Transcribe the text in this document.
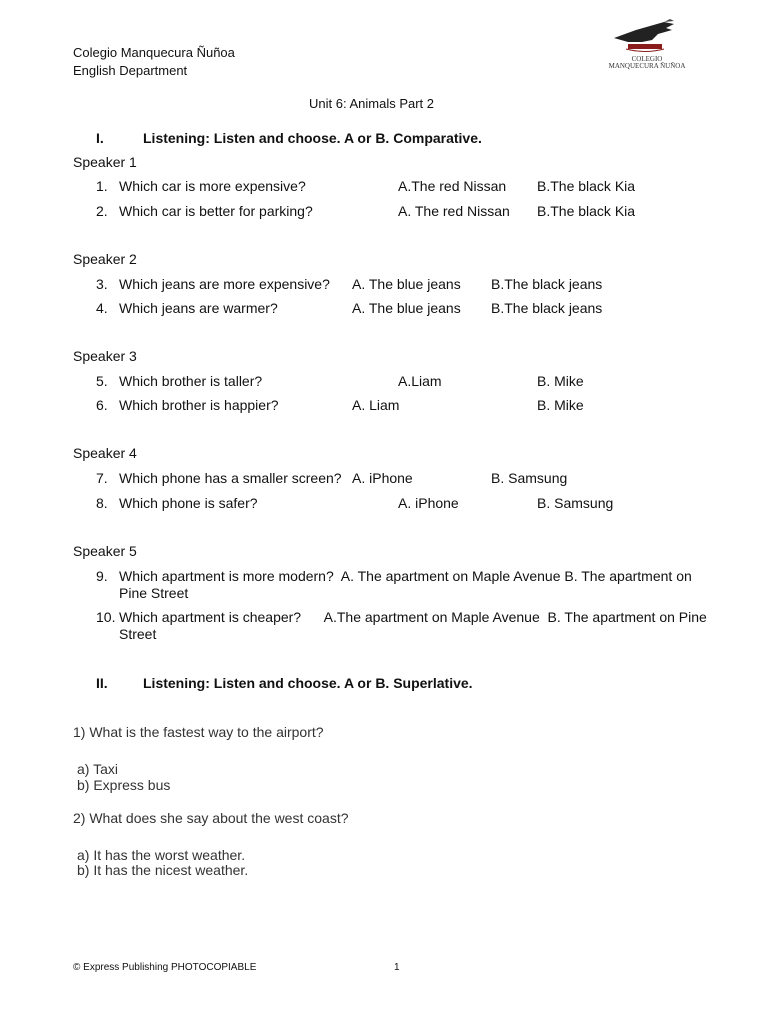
Colegio Manquecura Ñuñoa
English Department
COLEGIO
MANQUECURA ÑUÑOA
Unit 6: Animals Part 2
I.	Listening: Listen and choose. A or B. Comparative.
Speaker 1
1. Which car is more expensive?	A.The red Nissan B.The black Kia
2. Which car is better for parking?	A. The red Nissan B.The black Kia
Speaker 2
3. Which jeans are more expensive? A. The blue jeans B.The black jeans
4. Which jeans are warmer?	A. The blue jeans B.The black jeans
Speaker 3
5. Which brother is taller?	A.Liam	B. Mike
6. Which brother is happier?	A. Liam	B. Mike
Speaker 4
7. Which phone has a smaller screen? A. iPhone	B. Samsung
8. Which phone is safer?	A. iPhone	B. Samsung
Speaker 5
9. Which apartment is more modern?  A. The apartment on Maple Avenue B. The apartment on Pine Street
10. Which apartment is cheaper?      A.The apartment on Maple Avenue  B. The apartment on Pine Street
II.	Listening: Listen and choose. A or B. Superlative.
1) What is the fastest way to the airport?
a) Taxi
b) Express bus
2) What does she say about the west coast?
a) It has the worst weather.
b) It has the nicest weather.
© Express Publishing PHOTOCOPIABLE	1
